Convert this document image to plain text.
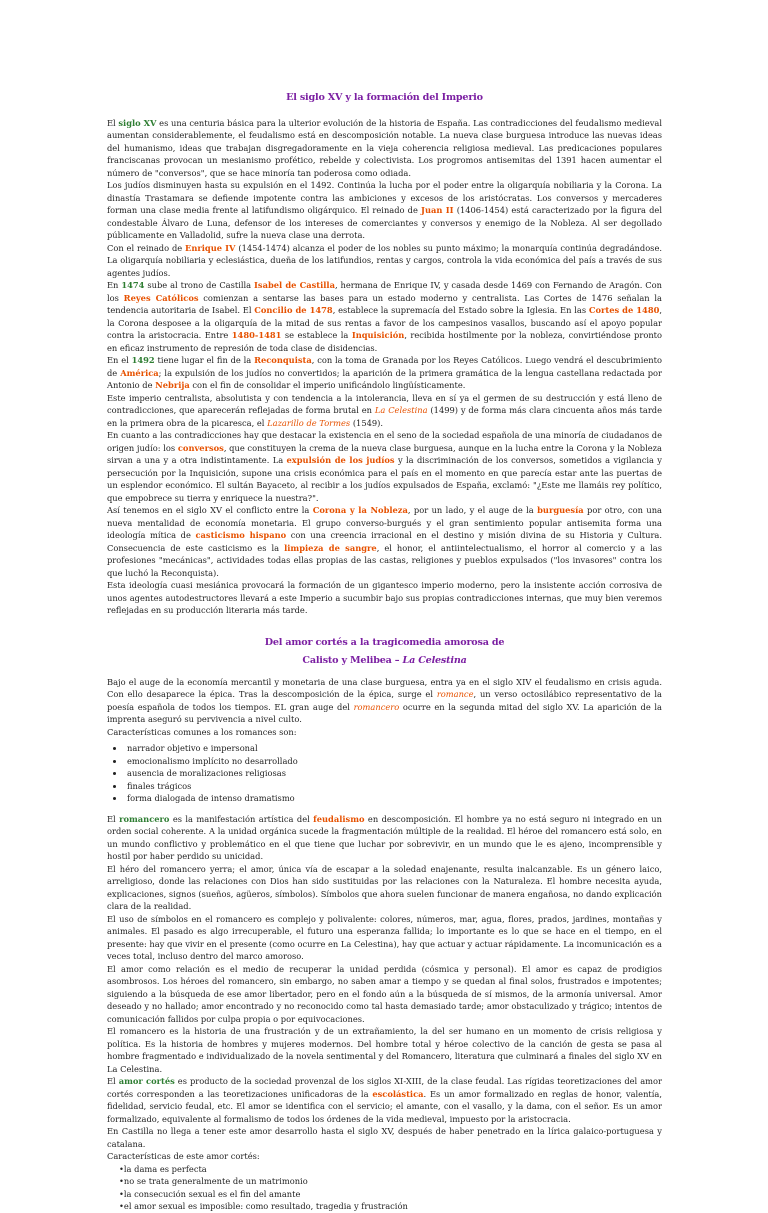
El siglo XV y la formación del Imperio

El siglo XV es una centuria básica para la ulterior evolución de la historia de España. Las contradicciones del feudalismo medieval aumentan considerablemente, el feudalismo está en descomposición notable. La nueva clase burguesa introduce las nuevas ideas del humanismo, ideas que trabajan disgregadoramente en la vieja coherencia religiosa medieval. Las predicaciones populares franciscanas provocan un mesianismo profético, rebelde y colectivista. Los progromos antisemitas del 1391 hacen aumentar el número de "conversos", que se hace minoría tan poderosa como odiada.

Los judíos disminuyen hasta su expulsión en el 1492. Continúa la lucha por el poder entre la oligarquía nobiliaria y la Corona. La dinastía Trastamara se defiende impotente contra las ambiciones y excesos de los aristócratas. Los conversos y mercaderes forman una clase media frente al latifundismo oligárquico. El reinado de Juan II (1406-1454) está caracterizado por la figura del condestable Álvaro de Luna, defensor de los intereses de comerciantes y conversos y enemigo de la Nobleza. Al ser degollado públicamente en Valladolid, sufre la nueva clase una derrota.

Con el reinado de Enrique IV (1454-1474) alcanza el poder de los nobles su punto máximo; la monarquía continúa degradándose. La oligarquía nobiliaria y eclesiástica, dueña de los latifundios, rentas y cargos, controla la vida económica del país a través de sus agentes judíos.

En 1474 sube al trono de Castilla Isabel de Castilla, hermana de Enrique IV, y casada desde 1469 con Fernando de Aragón. Con los Reyes Católicos comienzan a sentarse las bases para un estado moderno y centralista. Las Cortes de 1476 señalan la tendencia autoritaria de Isabel. El Concilio de 1478, establece la supremacía del Estado sobre la Iglesia. En las Cortes de 1480, la Corona desposee a la oligarquía de la mitad de sus rentas a favor de los campesinos vasallos, buscando así el apoyo popular contra la aristocracia. Entre 1480-1481 se establece la Inquisición, recibida hostilmente por la nobleza, convirtiéndose pronto en eficaz instrumento de represión de toda clase de disidencias.

En el 1492 tiene lugar el fin de la Reconquista, con la toma de Granada por los Reyes Católicos. Luego vendrá el descubrimiento de América; la expulsión de los judíos no convertidos; la aparición de la primera gramática de la lengua castellana redactada por Antonio de Nebrija con el fin de consolidar el imperio unificándolo lingüísticamente.

Este imperio centralista, absolutista y con tendencia a la intolerancia, lleva en sí ya el germen de su destrucción y está lleno de contradicciones, que aparecerán reflejadas de forma brutal en La Celestina (1499) y de forma más clara cincuenta años más tarde en la primera obra de la picaresca, el Lazarillo de Tormes (1549).

En cuanto a las contradicciones hay que destacar la existencia en el seno de la sociedad española de una minoría de ciudadanos de origen judío: los conversos, que constituyen la crema de la nueva clase burguesa, aunque en la lucha entre la Corona y la Nobleza sirvan a una y a otra indistintamente. La expulsión de los judíos y la discriminación de los conversos, sometidos a vigilancia y persecución por la Inquisición, supone una crisis económica para el país en el momento en que parecía estar ante las puertas de un esplendor económico. El sultán Bayaceto, al recibir a los judíos expulsados de España, exclamó: "¿Este me llamáis rey político, que empobrece su tierra y enriquece la nuestra?".

Así tenemos en el siglo XV el conflicto entre la Corona y la Nobleza, por un lado, y el auge de la burguesía por otro, con una nueva mentalidad de economía monetaria. El grupo converso-burgués y el gran sentimiento popular antisemita forma una ideología mítica de casticismo hispano con una creencia irracional en el destino y misión divina de su Historia y Cultura. Consecuencia de este casticismo es la limpieza de sangre, el honor, el antiintelectualismo, el horror al comercio y a las profesiones "mecánicas", actividades todas ellas propias de las castas, religiones y pueblos expulsados ("los invasores" contra los que luchó la Reconquista).

Esta ideología cuasi mesiánica provocará la formación de un gigantesco imperio moderno, pero la insistente acción corrosiva de unos agentes autodestructores llevará a este Imperio a sucumbir bajo sus propias contradicciones internas, que muy bien veremos reflejadas en su producción literaria más tarde.

Del amor cortés a la tragicomedia amorosa de
Calisto y Melibea – La Celestina

Bajo el auge de la economía mercantil y monetaria de una clase burguesa, entra ya en el siglo XIV el feudalismo en crisis aguda. Con ello desaparece la épica. Tras la descomposición de la épica, surge el romance, un verso octosilábico representativo de la poesía española de todos los tiempos. EL gran auge del romancero ocurre en la segunda mitad del siglo XV. La aparición de la imprenta aseguró su pervivencia a nivel culto.

Características comunes a los romances son:

• narrador objetivo e impersonal
• emocionalismo implícito no desarrollado
• ausencia de moralizaciones religiosas
• finales trágicos
• forma dialogada de intenso dramatismo

El romancero es la manifestación artística del feudalismo en descomposición. El hombre ya no está seguro ni integrado en un orden social coherente. A la unidad orgánica sucede la fragmentación múltiple de la realidad. El héroe del romancero está solo, en un mundo conflictivo y problemático en el que tiene que luchar por sobrevivir, en un mundo que le es ajeno, incomprensible y hostil por haber perdido su unicidad.

El héro del romancero yerra; el amor, única vía de escapar a la soledad enajenante, resulta inalcanzable. Es un género laico, arreligioso, donde las relaciones con Dios han sido sustituidas por las relaciones con la Naturaleza. El hombre necesita ayuda, explicaciones, signos (sueños, agüeros, símbolos). Símbolos que ahora suelen funcionar de manera engañosa, no dando explicación clara de la realidad.

El uso de símbolos en el romancero es complejo y polivalente: colores, números, mar, agua, flores, prados, jardines, montañas y animales. El pasado es algo irrecuperable, el futuro una esperanza fallida; lo importante es lo que se hace en el tiempo, en el presente: hay que vivir en el presente (como ocurre en La Celestina), hay que actuar y actuar rápidamente. La incomunicación es a veces total, incluso dentro del marco amoroso.

El amor como relación es el medio de recuperar la unidad perdida (cósmica y personal). El amor es capaz de prodigios asombrosos. Los héroes del romancero, sin embargo, no saben amar a tiempo y se quedan al final solos, frustrados e impotentes; siguiendo a la búsqueda de ese amor libertador, pero en el fondo aún a la búsqueda de sí mismos, de la armonía universal. Amor deseado y no hallado; amor encontrado y no reconocido como tal hasta demasiado tarde; amor obstaculizado y trágico; intentos de comunicación fallidos por culpa propia o por equivocaciones.

El romancero es la historia de una frustración y de un extrañamiento, la del ser humano en un momento de crisis religiosa y política. Es la historia de hombres y mujeres modernos. Del hombre total y héroe colectivo de la canción de gesta se pasa al hombre fragmentado e individualizado de la novela sentimental y del Romancero, literatura que culminará a finales del siglo XV en La Celestina.

El amor cortés es producto de la sociedad provenzal de los siglos XI-XIII, de la clase feudal. Las rígidas teoretizaciones del amor cortés corresponden a las teoretizaciones unificadoras de la escolástica. Es un amor formalizado en reglas de honor, valentía, fidelidad, servicio feudal, etc. El amor se identifica con el servicio; el amante, con el vasallo, y la dama, con el señor. Es un amor formalizado, equivalente al formalismo de todos los órdenes de la vida medieval, impuesto por la aristocracia.

En Castilla no llega a tener este amor desarrollo hasta el siglo XV, después de haber penetrado en la lírica galaico-portuguesa y catalana.

Características de este amor cortés:

• la dama es perfecta
• no se trata generalmente de un matrimonio
• la consecución sexual es el fin del amante
• el amor sexual es imposible: como resultado, tragedia y frustración
